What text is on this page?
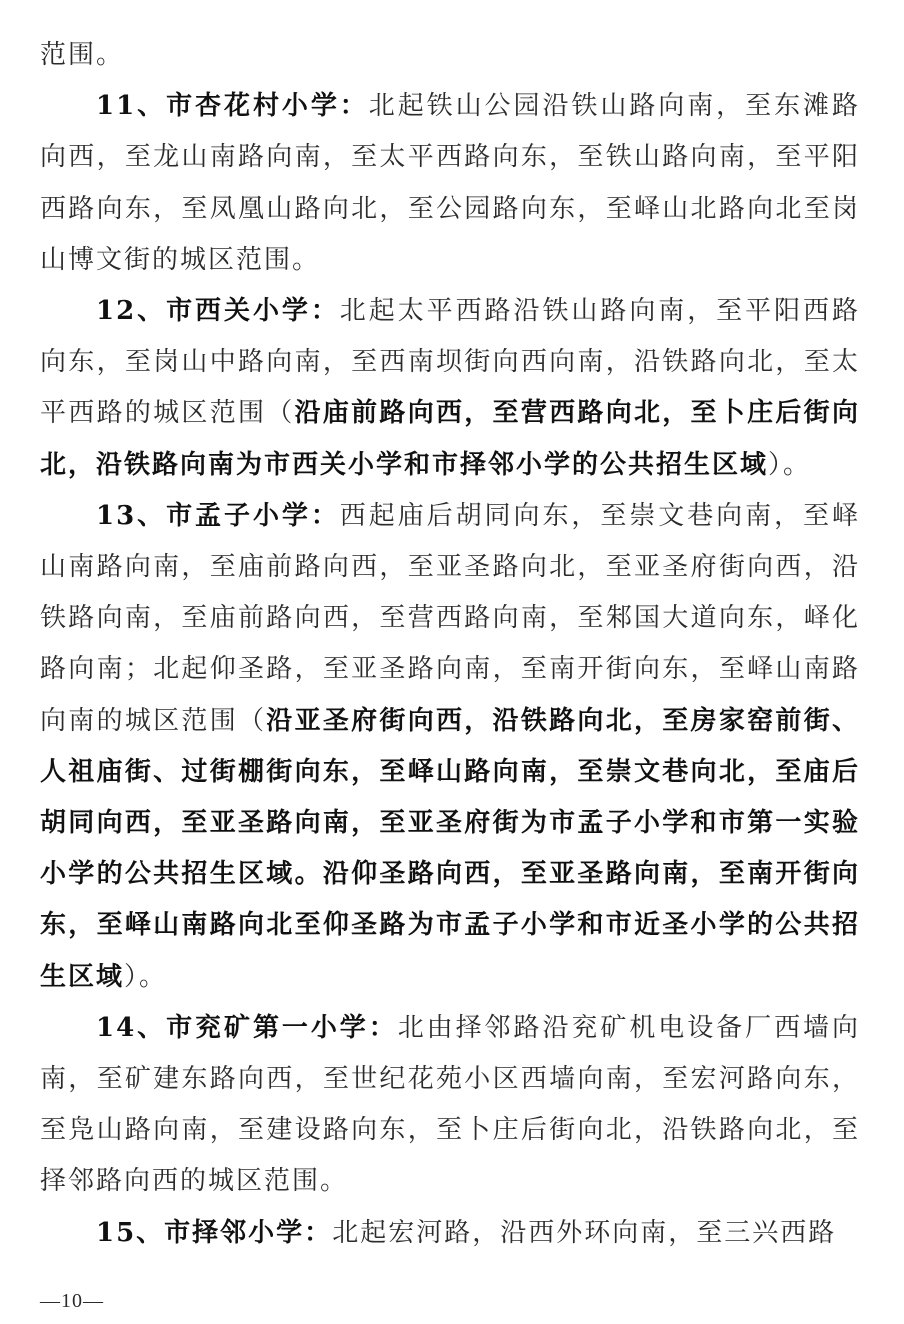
范围。

11、市杏花村小学：北起铁山公园沿铁山路向南，至东滩路向西，至龙山南路向南，至太平西路向东，至铁山路向南，至平阳西路向东，至凤凰山路向北，至公园路向东，至峄山北路向北至岗山博文街的城区范围。

12、市西关小学：北起太平西路沿铁山路向南，至平阳西路向东，至岗山中路向南，至西南坝街向西向南，沿铁路向北，至太平西路的城区范围（沿庙前路向西，至营西路向北，至卜庄后街向北，沿铁路向南为市西关小学和市择邻小学的公共招生区域）。

13、市孟子小学：西起庙后胡同向东，至崇文巷向南，至峄山南路向南，至庙前路向西，至亚圣路向北，至亚圣府街向西，沿铁路向南，至庙前路向西，至营西路向南，至邾国大道向东，峄化路向南；北起仰圣路，至亚圣路向南，至南开街向东，至峄山南路向南的城区范围（沿亚圣府街向西，沿铁路向北，至房家窑前街、人祖庙街、过街棚街向东，至峄山路向南，至崇文巷向北，至庙后胡同向西，至亚圣路向南，至亚圣府街为市孟子小学和市第一实验小学的公共招生区域。沿仰圣路向西，至亚圣路向南，至南开街向东，至峄山南路向北至仰圣路为市孟子小学和市近圣小学的公共招生区域）。

14、市兖矿第一小学：北由择邻路沿兖矿机电设备厂西墙向南，至矿建东路向西，至世纪花苑小区西墙向南，至宏河路向东，至凫山路向南，至建设路向东，至卜庄后街向北，沿铁路向北，至择邻路向西的城区范围。

15、市择邻小学：北起宏河路，沿西外环向南，至三兴西路

—10—
